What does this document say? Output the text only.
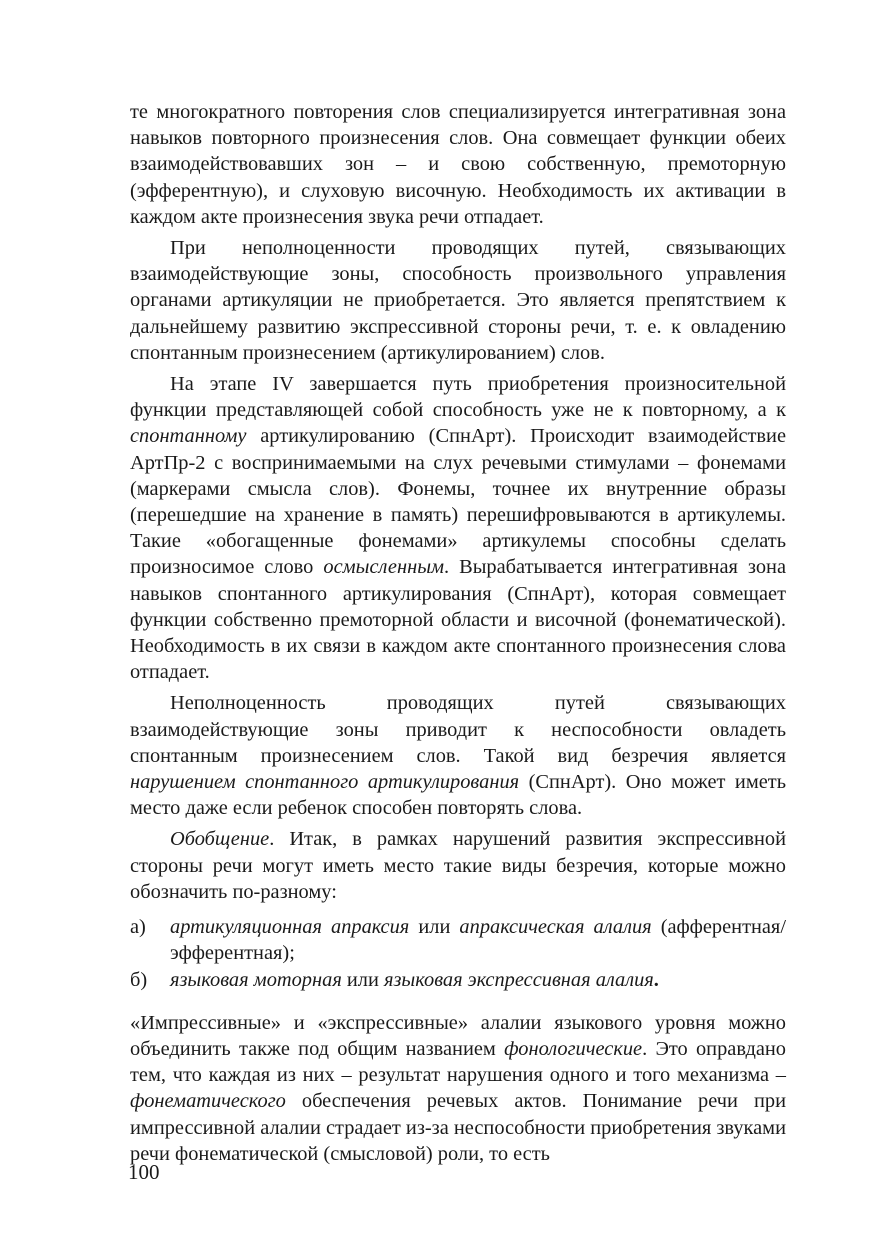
те многократного повторения слов специализируется интегративная зона навыков повторного произнесения слов. Она совмещает функции обеих взаимодействовавших зон – и свою собственную, премоторную (эфферентную), и слуховую височную. Необходимость их активации в каждом акте произнесения звука речи отпадает.

При неполноценности проводящих путей, связывающих взаимодействующие зоны, способность произвольного управления органами артикуляции не приобретается. Это является препятствием к дальнейшему развитию экспрессивной стороны речи, т. е. к овладению спонтанным произнесением (артикулированием) слов.

На этапе IV завершается путь приобретения произносительной функции представляющей собой способность уже не к повторному, а к спонтанному артикулированию (СпнАрт). Происходит взаимодействие АртПр-2 с воспринимаемыми на слух речевыми стимулами – фонемами (маркерами смысла слов). Фонемы, точнее их внутренние образы (перешедшие на хранение в память) перешифровываются в артикулемы. Такие «обогащенные фонемами» артикулемы способны сделать произносимое слово осмысленным. Вырабатывается интегративная зона навыков спонтанного артикулирования (СпнАрт), которая совмещает функции собственно премоторной области и височной (фонематической). Необходимость в их связи в каждом акте спонтанного произнесения слова отпадает.

Неполноценность проводящих путей связывающих взаимодействующие зоны приводит к неспособности овладеть спонтанным произнесением слов. Такой вид безречия является нарушением спонтанного артикулирования (СпнАрт). Оно может иметь место даже если ребенок способен повторять слова.

Обобщение. Итак, в рамках нарушений развития экспрессивной стороны речи могут иметь место такие виды безречия, которые можно обозначить по-разному:

а)	артикуляционная апраксия или апраксическая алалия (афферентная/эфферентная);
б)	языковая моторная или языковая экспрессивная алалия.

«Импрессивные» и «экспрессивные» алалии языкового уровня можно объединить также под общим названием фонологические. Это оправдано тем, что каждая из них – результат нарушения одного и того механизма – фонематического обеспечения речевых актов. Понимание речи при импрессивной алалии страдает из-за неспособности приобретения звуками речи фонематической (смысловой) роли, то есть

100
